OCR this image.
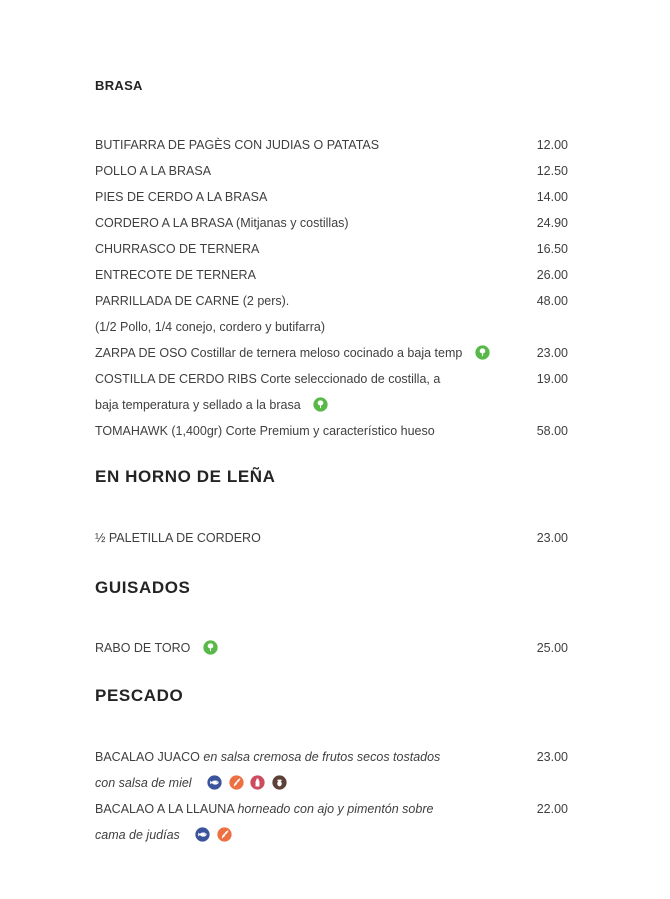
BRASA
BUTIFARRA DE PAGÈS CON JUDIAS O PATATAS	12.00
POLLO A LA BRASA	12.50
PIES DE CERDO A LA BRASA	14.00
CORDERO A LA BRASA (Mitjanas y costillas)	24.90
CHURRASCO DE TERNERA	16.50
ENTRECOTE DE TERNERA	26.00
PARRILLADA DE CARNE (2 pers).	48.00
(1/2 Pollo, 1/4 conejo, cordero y butifarra)
ZARPA DE OSO Costillar de ternera meloso cocinado a baja temp	23.00
COSTILLA DE CERDO RIBS Corte seleccionado de costilla, a	19.00
baja temperatura y sellado a la brasa
TOMAHAWK (1,400gr) Corte Premium y característico hueso	58.00
EN HORNO DE LEÑA
½ PALETILLA DE CORDERO	23.00
GUISADOS
RABO DE TORO	25.00
PESCADO
BACALAO JUACO en salsa cremosa de frutos secos tostados	23.00
con salsa de miel
BACALAO A LA LLAUNA horneado con ajo y pimentón sobre	22.00
cama de judías
